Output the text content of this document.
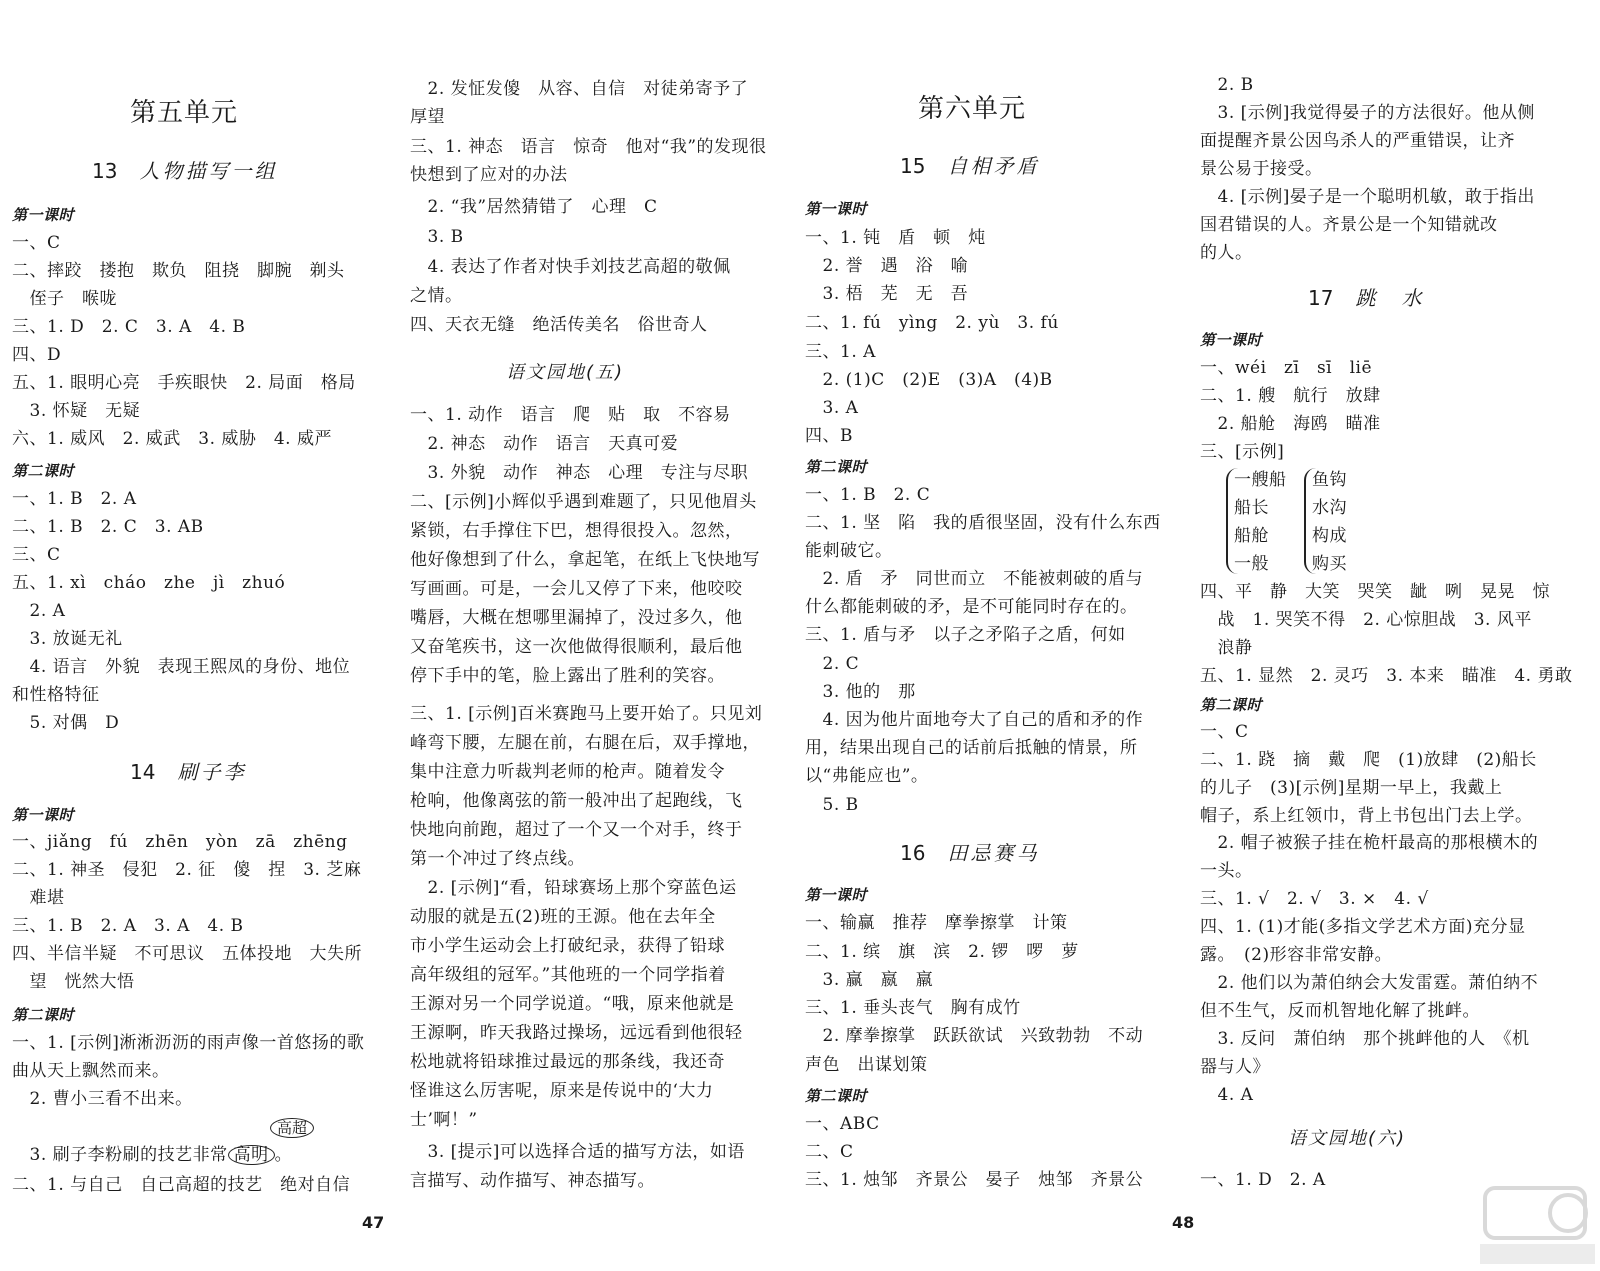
第五单元
13 人物描写一组
第一课时
一、C
二、摔跤　搂抱　欺负　阻挠　脚腕　剃头
　侄子　喉咙
三、1. D　2. C　3. A　4. B
四、D
五、1. 眼明心亮　手疾眼快　2. 局面　格局
　3. 怀疑　无疑
六、1. 威风　2. 威武　3. 威胁　4. 威严
第二课时
一、1. B　2. A
二、1. B　2. C　3. AB
三、C
五、1. xì　cháo　zhe　jì　zhuó
　2. A
　3. 放诞无礼
　4. 语言　外貌　表现王熙凤的身份、地位
和性格特征
　5. 对偶　D
14 刷子李
第一课时
一、jiǎng　fú　zhēn　yòn　zā　zhēng
二、1. 神圣　侵犯　2. 征　傻　捏　3. 芝麻
　难堪
三、1. B　2. A　3. A　4. B
四、半信半疑　不可思议　五体投地　大失所
　望　恍然大悟
第二课时
一、1. [示例]淅淅沥沥的雨声像一首悠扬的歌
曲从天上飘然而来。
　2. 曹小三看不出来。
高超
　3. 刷子李粉刷的技艺非常 高明 。
二、1. 与自己　自己高超的技艺　绝对自信
　2. 发怔发傻　从容、自信　对徒弟寄予了
厚望
三、1. 神态　语言　惊奇　他对“我”的发现很
快想到了应对的办法
　2. “我”居然猜错了　心理　C
　3. B
　4. 表达了作者对快手刘技艺高超的敬佩
之情。
四、天衣无缝　绝活传美名　俗世奇人
语文园地(五)
一、1. 动作　语言　爬　贴　取　不容易
　2. 神态　动作　语言　天真可爱
　3. 外貌　动作　神态　心理　专注与尽职
二、[示例]小辉似乎遇到难题了，只见他眉头
紧锁，右手撑住下巴，想得很投入。忽然，
他好像想到了什么，拿起笔，在纸上飞快地写
写画画。可是，一会儿又停了下来，他咬咬
嘴唇，大概在想哪里漏掉了，没过多久，他
又奋笔疾书，这一次他做得很顺利，最后他
停下手中的笔，脸上露出了胜利的笑容。
三、1. [示例]百米赛跑马上要开始了。只见刘
峰弯下腰，左腿在前，右腿在后，双手撑地，
集中注意力听裁判老师的枪声。随着发令
枪响，他像离弦的箭一般冲出了起跑线，飞
快地向前跑，超过了一个又一个对手，终于
第一个冲过了终点线。
　2. [示例]“看，铅球赛场上那个穿蓝色运
动服的就是五(2)班的王源。他在去年全
市小学生运动会上打破纪录，获得了铅球
高年级组的冠军。”其他班的一个同学指着
王源对另一个同学说道。“哦，原来他就是
王源啊，昨天我路过操场，远远看到他很轻
松地就将铅球推过最远的那条线，我还奇
怪谁这么厉害呢，原来是传说中的‘大力
士’啊！”
　3. [提示]可以选择合适的描写方法，如语
言描写、动作描写、神态描写。
47
第六单元
15 自相矛盾
第一课时
一、1. 钝　盾　顿　炖
　2. 誉　遇　浴　喻
　3. 梧　芜　无　吾
二、1. fú　yìng　2. yù　3. fú
三、1. A
　2. (1)C　(2)E　(3)A　(4)B
　3. A
四、B
第二课时
一、1. B　2. C
二、1. 坚　陷　我的盾很坚固，没有什么东西
能刺破它。
　2. 盾　矛　同世而立　不能被刺破的盾与
什么都能刺破的矛，是不可能同时存在的。
三、1. 盾与矛　以子之矛陷子之盾，何如
　2. C
　3. 他的　那
　4. 因为他片面地夸大了自己的盾和矛的作
用，结果出现自己的话前后抵触的情景，所
以“弗能应也”。
　5. B
16 田忌赛马
第一课时
一、输赢　推荐　摩拳擦掌　计策
二、1. 缤　旗　滨　2. 锣　啰　萝
　3. 赢　嬴　羸
三、1. 垂头丧气　胸有成竹
　2. 摩拳擦掌　跃跃欲试　兴致勃勃　不动
声色　出谋划策
第二课时
一、ABC
二、C
三、1. 烛邹　齐景公　晏子　烛邹　齐景公
　2. B
　3. [示例]我觉得晏子的方法很好。他从侧
面提醒齐景公因鸟杀人的严重错误，让齐
景公易于接受。
　4. [示例]晏子是一个聪明机敏，敢于指出
国君错误的人。齐景公是一个知错就改
的人。
17 跳　水
第一课时
一、wéi　zī　sī　liē
二、1. 艘　航行　放肆
　2. 船舱　海鸥　瞄准
三、[示例]
一艘船
船长
船舱
一般
鱼钩
水沟
构成
购买
四、平　静　大笑　哭笑　龇　咧　晃晃　惊
　战　1. 哭笑不得　2. 心惊胆战　3. 风平
　浪静
五、1. 显然　2. 灵巧　3. 本来　瞄准　4. 勇敢
第二课时
一、C
二、1. 跷　摘　戴　爬　(1)放肆　(2)船长
的儿子　(3)[示例]星期一早上，我戴上
帽子，系上红领巾，背上书包出门去上学。
　2. 帽子被猴子挂在桅杆最高的那根横木的
一头。
三、1. √　2. √　3. ×　4. √
四、1. (1)才能(多指文学艺术方面)充分显
露。　(2)形容非常安静。
　2. 他们以为萧伯纳会大发雷霆。萧伯纳不
但不生气，反而机智地化解了挑衅。
　3. 反问　萧伯纳　那个挑衅他的人　《机
器与人》
　4. A
语文园地(六)
一、1. D　2. A
48
